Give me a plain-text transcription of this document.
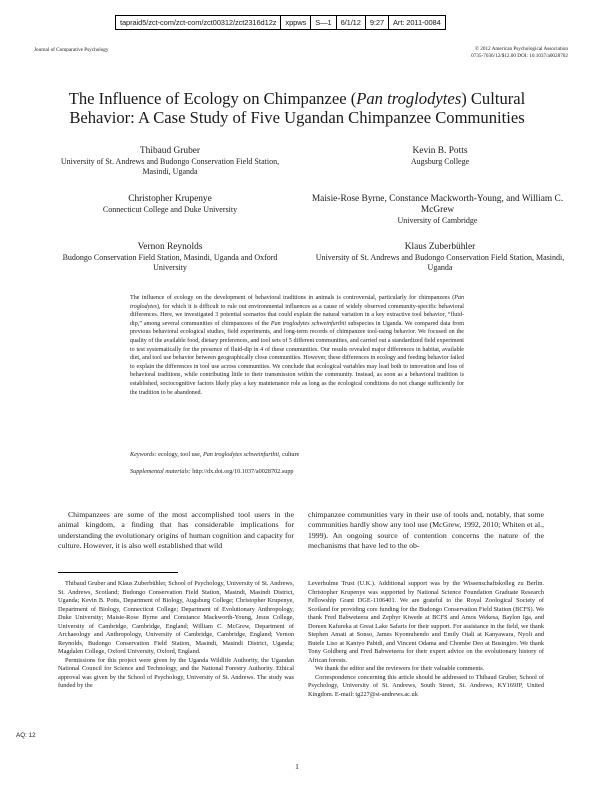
tapraid5/zct-com/zct-com/zct00312/zct2316d12z	xppws	S—1	6/1/12	9:27	Art: 2011-0084
Journal of Comparative Psychology	© 2012 American Psychological Association
0735-7036/12/$12.00 DOI: 10.1037/a0028702
The Influence of Ecology on Chimpanzee (Pan troglodytes) Cultural Behavior: A Case Study of Five Ugandan Chimpanzee Communities
Thibaud Gruber
University of St. Andrews and Budongo Conservation Field Station, Masindi, Uganda
Kevin B. Potts
Augsburg College
Christopher Krupenye
Connecticut College and Duke University
Maisie-Rose Byrne, Constance Mackworth-Young, and William C. McGrew
University of Cambridge
Vernon Reynolds
Budongo Conservation Field Station, Masindi, Uganda and Oxford University
Klaus Zuberbühler
University of St. Andrews and Budongo Conservation Field Station, Masindi, Uganda
The influence of ecology on the development of behavioral traditions in animals is controversial, particularly for chimpanzees (Pan troglodytes), for which it is difficult to rule out environmental influences as a cause of widely observed community-specific behavioral differences. Here, we investigated 3 potential scenarios that could explain the natural variation in a key extractive tool behavior, “fluid-dip,” among several communities of chimpanzees of the Pan troglodytes schweinfurthii subspecies in Uganda. We compared data from previous behavioral ecological studies, field experiments, and long-term records of chimpanzee tool-using behavior. We focused on the quality of the available food, dietary preferences, and tool sets of 5 different communities, and carried out a standardized field experiment to test systematically for the presence of fluid-dip in 4 of these communities. Our results revealed major differences in habitat, available diet, and tool use behavior between geographically close communities. However, these differences in ecology and feeding behavior failed to explain the differences in tool use across communities. We conclude that ecological variables may lead both to innovation and loss of behavioral traditions, while contributing little to their transmission within the community. Instead, as soon as a behavioral tradition is established, sociocognitive factors likely play a key maintenance role as long as the ecological conditions do not change sufficiently for the tradition to be abandoned.
Keywords: ecology, tool use, Pan troglodytes schweinfurthii, culture
Supplemental materials: http://dx.doi.org/10.1037/a0028702.supp
Chimpanzees are some of the most accomplished tool users in the animal kingdom, a finding that has considerable implications for understanding the evolutionary origins of human cognition and capacity for culture. However, it is also well established that wild
chimpanzee communities vary in their use of tools and, notably, that some communities hardly show any tool use (McGrew, 1992, 2010; Whiten et al., 1999). An ongoing source of contention concerns the nature of the mechanisms that have led to the ob-

Thibaud Gruber and Klaus Zuberbühler, School of Psychology, University of St. Andrews, St. Andrews, Scotland; Budongo Conservation Field Station, Masindi, Masindi District, Uganda; Kevin B. Potts, Department of Biology, Augsburg College; Christopher Krupenye, Department of Biology, Connecticut College; Department of Evolutionary Anthropology, Duke University; Maisie-Rose Byrne and Constance Mackworth-Young, Jesus College, University of Cambridge, Cambridge, England; William C. McGrew, Department of Archaeology and Anthropology, University of Cambridge, Cambridge, England; Vernon Reynolds, Budongo Conservation Field Station, Masindi, Masindi District, Uganda; Magdalen College, Oxford University, Oxford, England.

Permissions for this project were given by the Uganda Wildlife Authority, the Ugandan National Council for Science and Technology, and the National Forestry Authority. Ethical approval was given by the School of Psychology, University of St. Andrews. The study was funded by the

Leverhulme Trust (U.K.). Additional support was by the Wissenschaftskolleg zu Berlin. Christopher Krupenye was supported by National Science Foundation Graduate Research Fellowship Grant DGE-1106401. We are grateful to the Royal Zoological Society of Scotland for providing core funding for the Budongo Conservation Field Station (BCFS). We thank Fred Babweteera and Zephyr Kiwede at BCFS and Amos Wekesa, Baylon Iga, and Doreen Kafureka at Great Lake Safaris for their support. For assistance in the field, we thank Stephen Amati at Sonso, James Kyomuhendo and Emily Otali at Kanyawara, Nyoli and Butele Liso at Kaniyo Pabidi, and Vincent Odama and Chombe Deo at Busingiro. We thank Tony Goldberg and Fred Babweteera for their expert advice on the evolutionary history of African forests.

We thank the editor and the reviewers for their valuable comments.

Correspondence concerning this article should be addressed to Thibaud Gruber, School of Psychology, University of St. Andrews, South Street, St. Andrews, KY169JP, United Kingdom. E-mail: tg227@st-andrews.ac.uk

AQ: 12
1
